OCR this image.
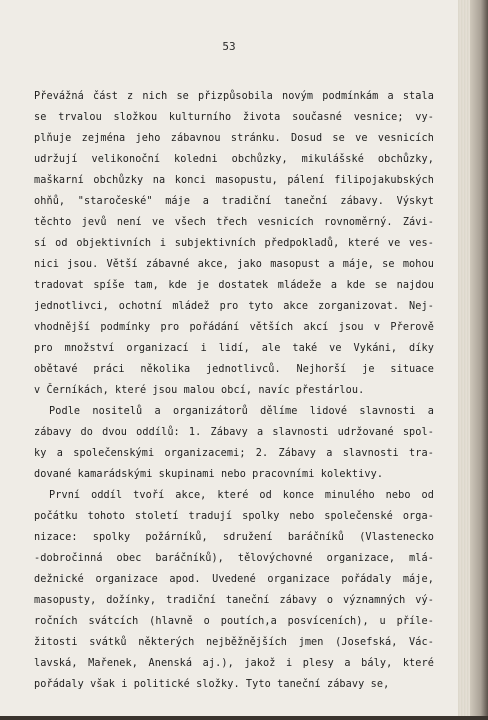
53
Převážná část z nich se přizpůsobila novým podmínkám a stala
se trvalou složkou kulturního života současné vesnice; vy-
plňuje zejména jeho zábavnou stránku. Dosud se ve vesnicích
udržují velikonoční koledni obchůzky, mikulášské obchůzky,
maškarní obchůzky na konci masopustu, pálení filipojakubských
ohňů, "staročeské" máje a tradiční taneční zábavy. Výskyt
těchto jevů není ve všech třech vesnicích rovnoměrný. Závi-
sí od objektivních i subjektivních předpokladů, které ve ves-
nici jsou. Větší zábavné akce, jako masopust a máje, se mohou
tradovat spíše tam, kde je dostatek mládeže a kde se najdou
jednotlivci, ochotní mládež pro tyto akce zorganizovat. Nej-
vhodnější podmínky pro pořádání větších akcí jsou v Přerově
pro množství organizací i lidí, ale také ve Vykáni, díky
obětavé práci několika jednotlivců. Nejhorší je situace
v Černíkách, které jsou malou obcí, navíc přestárlou.
Podle nositelů a organizátorů dělíme lidové slavnosti a
zábavy do dvou oddílů: 1. Zábavy a slavnosti udržované spol-
ky a společenskými organizacemi; 2. Zábavy a slavnosti tra-
dované kamarádskými skupinami nebo pracovními kolektivy.
První oddíl tvoří akce, které od konce minulého nebo od
počátku tohoto století tradují spolky nebo společenské orga-
nizace: spolky požárníků, sdružení baráčníků (Vlastenecko
-dobročinná obec baráčníků), tělovýchovné organizace, mlá-
dežnické organizace apod. Uvedené organizace pořádaly máje,
masopusty, dožínky, tradiční taneční zábavy o významných vý-
ročních svátcích (hlavně o poutích,a posvíceních), u příle-
žitosti svátků některých nejběžnějších jmen (Josefská, Vác-
lavská, Mařenek, Anenská aj.), jakož i plesy a bály, které
pořádaly však i politické složky. Tyto taneční zábavy se,
